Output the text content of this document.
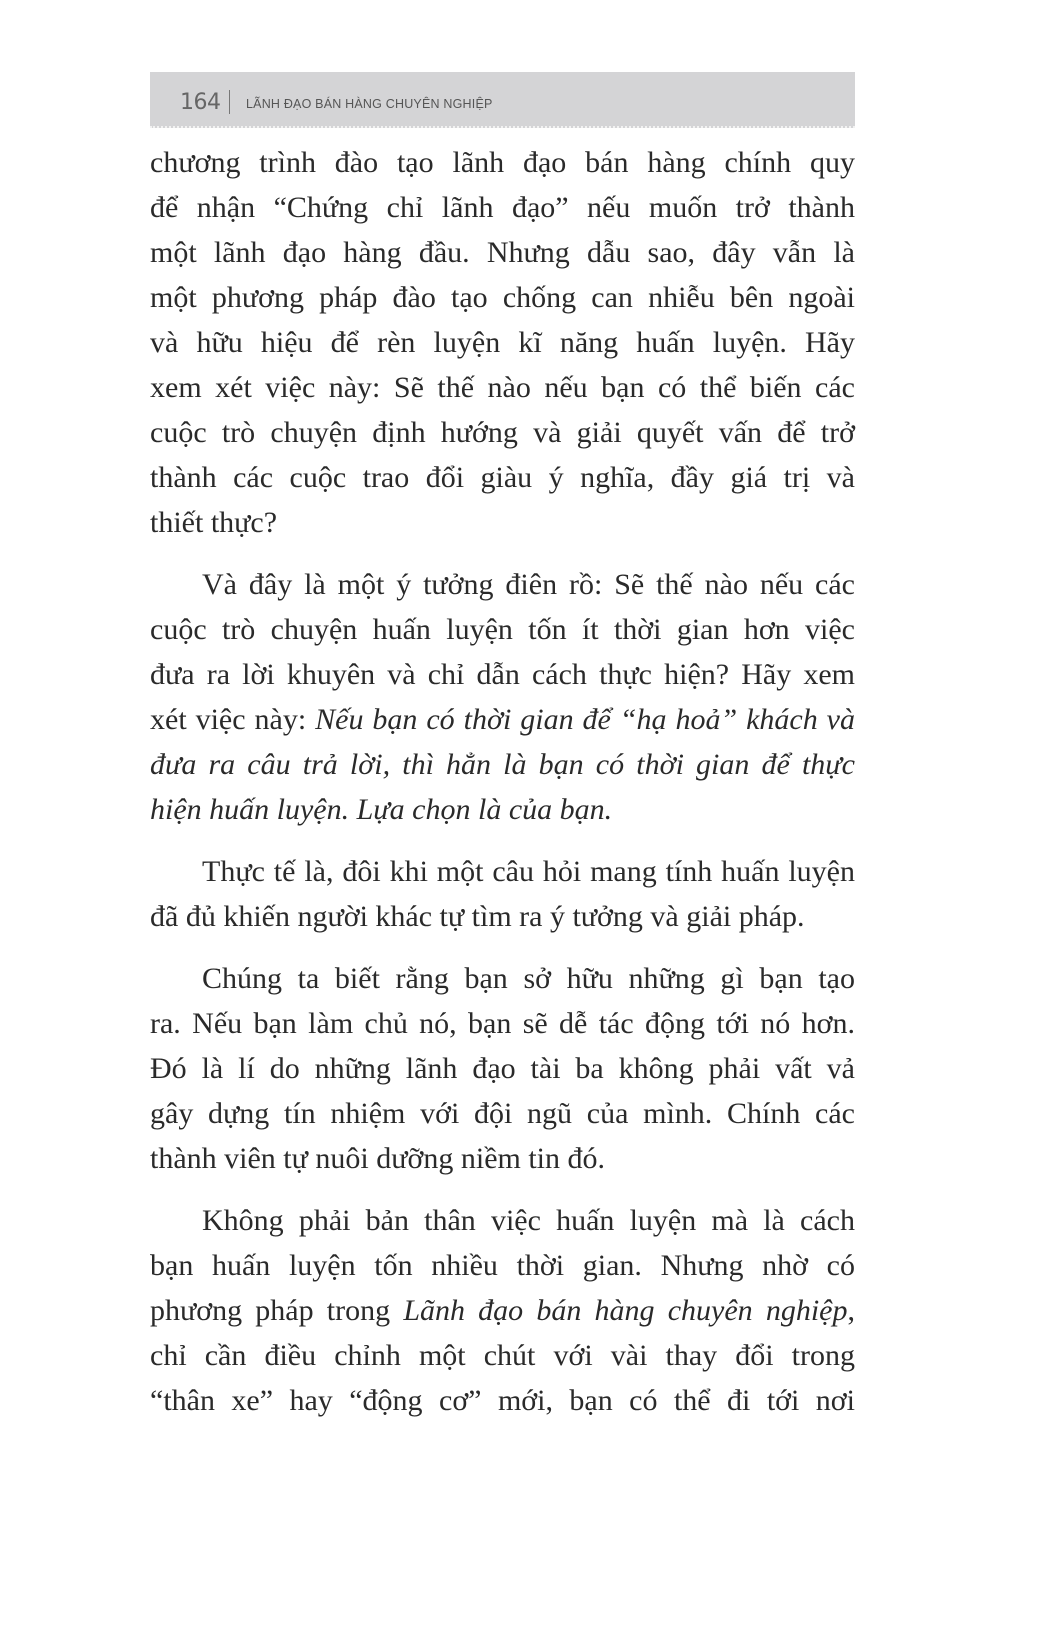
164 LÃNH ĐẠO BÁN HÀNG CHUYÊN NGHIỆP
chương trình đào tạo lãnh đạo bán hàng chính quy
để nhận “Chứng chỉ lãnh đạo” nếu muốn trở thành
một lãnh đạo hàng đầu. Nhưng dẫu sao, đây vẫn là
một phương pháp đào tạo chống can nhiễu bên ngoài
và hữu hiệu để rèn luyện kĩ năng huấn luyện. Hãy
xem xét việc này: Sẽ thế nào nếu bạn có thể biến các
cuộc trò chuyện định hướng và giải quyết vấn để trở
thành các cuộc trao đổi giàu ý nghĩa, đầy giá trị và
thiết thực?
Và đây là một ý tưởng điên rồ: Sẽ thế nào nếu các
cuộc trò chuyện huấn luyện tốn ít thời gian hơn việc
đưa ra lời khuyên và chỉ dẫn cách thực hiện? Hãy xem
xét việc này: Nếu bạn có thời gian để “hạ hoả” khách và
đưa ra câu trả lời, thì hẳn là bạn có thời gian để thực
hiện huấn luyện. Lựa chọn là của bạn.
Thực tế là, đôi khi một câu hỏi mang tính huấn luyện
đã đủ khiến người khác tự tìm ra ý tưởng và giải pháp.
Chúng ta biết rằng bạn sở hữu những gì bạn tạo
ra. Nếu bạn làm chủ nó, bạn sẽ dễ tác động tới nó hơn.
Đó là lí do những lãnh đạo tài ba không phải vất vả
gây dựng tín nhiệm với đội ngũ của mình. Chính các
thành viên tự nuôi dưỡng niềm tin đó.
Không phải bản thân việc huấn luyện mà là cách
bạn huấn luyện tốn nhiều thời gian. Nhưng nhờ có
phương pháp trong Lãnh đạo bán hàng chuyên nghiệp,
chỉ cần điều chỉnh một chút với vài thay đổi trong
“thân xe” hay “động cơ” mới, bạn có thể đi tới nơi
